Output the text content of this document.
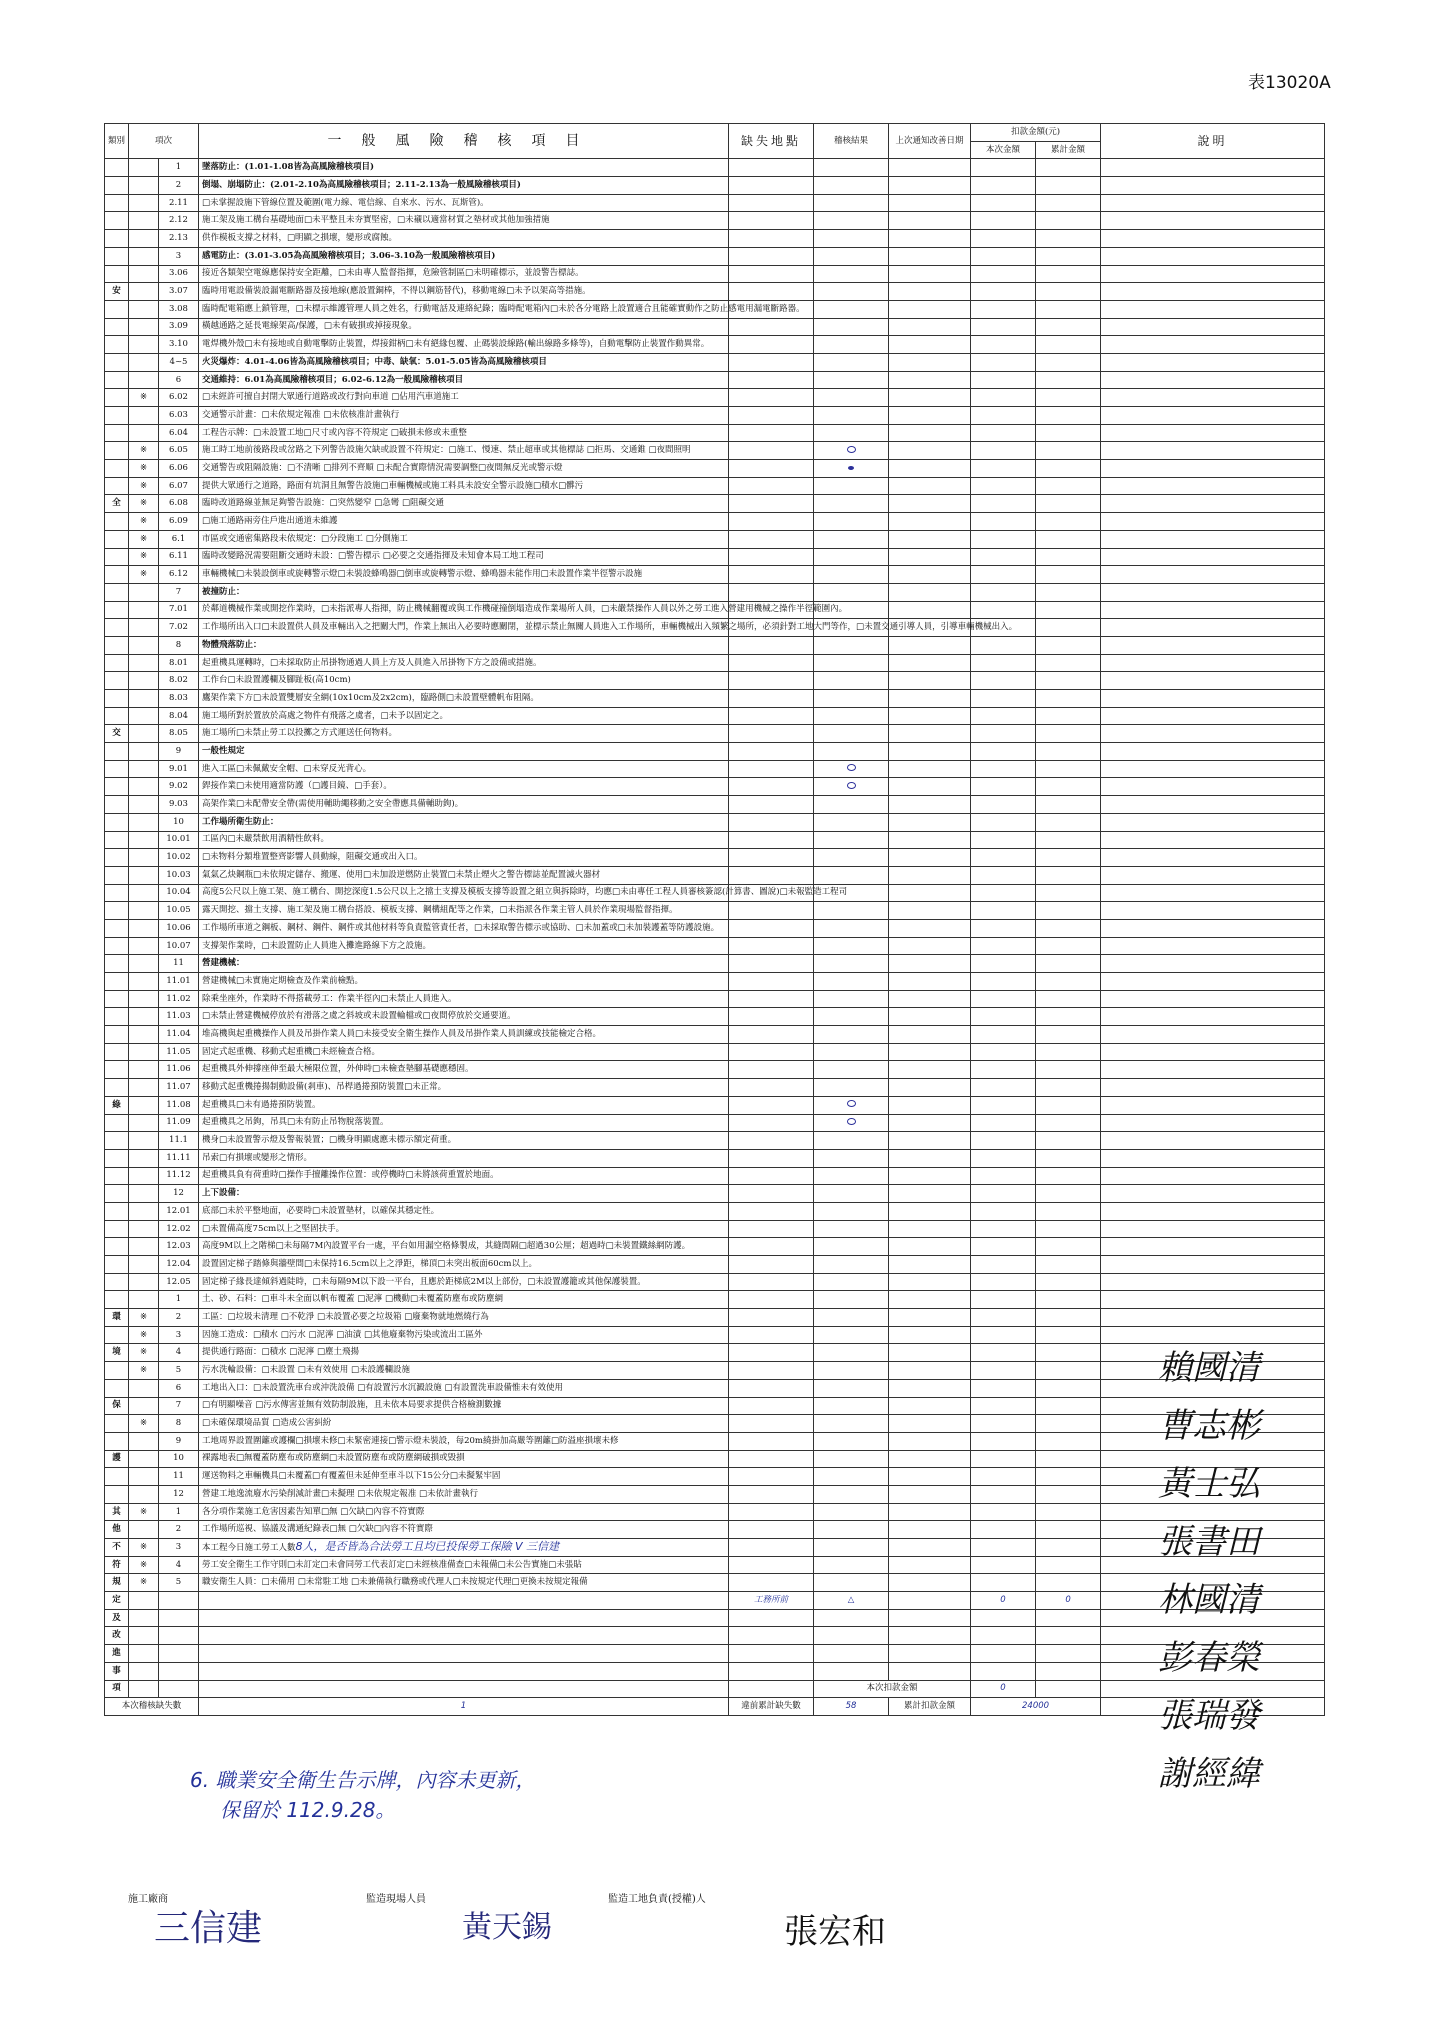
表13020A
類別	項次		一般風險稽核項目	缺失地點	稽核結果	上次通知改善日期	扣款金額(元)		說明
							本次金額	累計金額	
		1	墜落防止：(1.01-1.08皆為高風險稽核項目)						
		2	倒塌、崩塌防止：(2.01-2.10為高風險稽核項目；2.11-2.13為一般風險稽核項目)						
		2.11	□未掌握設施下管線位置及範圍(電力線、電信線、自來水、污水、瓦斯管)。						
		2.12	施工架及施工構台基礎地面□未平整且未夯實堅密，□未襯以適當材質之墊材或其他加強措施						
		2.13	供作模板支撐之材料，□明顯之損壞，變形或腐蝕。						
		3	感電防止：(3.01-3.05為高風險稽核項目；3.06-3.10為一般風險稽核項目)						
		3.06	接近各類架空電線應保持安全距離，□未由專人監督指揮，危險管制區□未明確標示，並設警告標誌。						
安		3.07	臨時用電設備裝設漏電斷路器及接地線(應設置銅棒，不得以鋼筋替代)，移動電線□未予以架高等措施。						
		3.08	臨時配電箱應上鎖管理，□未標示維護管理人員之姓名，行動電話及連絡紀錄；臨時配電箱內□未於各分電路上設置適合且能確實動作之防止感電用漏電斷路器。						
		3.09	橫越通路之延長電線架高/保護，□未有破損或掉接現象。						
		3.10	電焊機外殼□未有接地或自動電擊防止裝置，焊接鉗柄□未有絕緣包覆、止碼裝設線路(輸出線路多條等)，自動電擊防止裝置作動異常。						
		4~5	火災爆炸：4.01-4.06皆為高風險稽核項目；中毒、缺氧：5.01-5.05皆為高風險稽核項目						
		6	交通維持：6.01為高風險稽核項目；6.02-6.12為一般風險稽核項目						
	※	6.02	□未經許可擅自封閉大眾通行道路或改行對向車道 □佔用汽車道施工						
		6.03	交通警示計畫：□未依規定報准 □未依核准計畫執行						
		6.04	工程告示牌：□未設置工地□尺寸或內容不符規定 □破損未修或未重整						
	※	6.05	施工時工地前後路段或岔路之下列警告設施欠缺或設置不符規定：□施工、慢速、禁止超車或其他標誌 □拒馬、交通錐 □夜間照明						
	※	6.06	交通警告或阻隔設施：□不清晰 □排列不齊順 □未配合實際情況需要調整□夜間無反光或警示燈						
	※	6.07	提供大眾通行之道路，路面有坑洞且無警告設施□車輛機械或施工料具未設安全警示設施□積水□髒污						
全	※	6.08	臨時改道路線並無足夠警告設施：□突然變窄 □急彎 □阻礙交通						
	※	6.09	□施工通路兩旁住戶進出通道未維護						
	※	6.1	市區或交通密集路段未依規定：□分段施工 □分側施工						
	※	6.11	臨時改變路況需要阻斷交通時未設：□警告標示 □必要之交通指揮及未知會本局工地工程司						
	※	6.12	車輛機械□未裝設倒車或旋轉警示燈□未裝設蜂鳴器□倒車或旋轉警示燈、蜂鳴器未能作用□未設置作業半徑警示設施						
		7	被撞防止：						
		7.01	於鄰道機械作業或開挖作業時，□未指派專人指揮，防止機械翻覆或與工作機碰撞倒塌造成作業場所人員，□未嚴禁操作人員以外之勞工進入營建用機械之操作半徑範圍內。						
		7.02	工作場所出入口□未設置供人員及車輛出入之把關大門，作業上無出入必要時應關閉，並標示禁止無關人員進入工作場所，車輛機械出入頻繁之場所，必須針對工地大門等作，□未置交通引導人員，引導車輛機械出入。						
		8	物體飛落防止：						
		8.01	起重機具運轉時，□未採取防止吊掛物通過人員上方及人員進入吊掛物下方之設備或措施。						
		8.02	工作台□未設置護欄及腳趾板(高10cm)						
		8.03	鷹架作業下方□未設置雙層安全網(10x10cm及2x2cm)，臨路側□未設置壁體帆布阻隔。						
		8.04	施工場所對於置放於高處之物件有飛落之虞者，□未予以固定之。						
交		8.05	施工場所□未禁止勞工以投擲之方式運送任何物料。						
		9	一般性規定						
		9.01	進入工區□未佩戴安全帽、□未穿反光背心。						
		9.02	銲接作業□未使用適當防護（□護目鏡、□手套）。						
		9.03	高架作業□未配帶安全帶(需使用輔助繩移動之安全帶應具備輔助鉤)。						
		10	工作場所衛生防止：						
		10.01	工區內□未嚴禁飲用酒精性飲料。						
		10.02	□未物料分類堆置整齊影響人員動線，阻礙交通或出入口。						
		10.03	氣氣乙炔鋼瓶□未依規定儲存、搬運、使用□未加設逆燃防止裝置□未禁止煙火之警告標誌並配置滅火器材						
		10.04	高度5公尺以上施工架、施工構台、開挖深度1.5公尺以上之擋土支撐及模板支撐等設置之組立與拆除時，均應□未由專任工程人員審核簽認(計算書、圖說)□未報監造工程司						
		10.05	露天開挖、擋土支撐、施工架及施工構台搭設、模板支撐、鋼構組配等之作業，□未指派各作業主管人員於作業現場監督指揮。						
		10.06	工作場所車道之鋼板、鋼材、鋼件、鋼件或其他材料等負責監管責任者，□未採取警告標示或協助、□未加蓋或□未加裝護蓋等防護設施。						
		10.07	支撐架作業時，□未設置防止人員進入攤進路線下方之設施。						
		11	營建機械：						
		11.01	營建機械□未實施定期檢查及作業前檢點。						
		11.02	除乘坐座外，作業時不得搭載勞工：作業半徑內□未禁止人員進入。						
		11.03	□未禁止營建機械停放於有滑落之虞之斜坡或未設置輪檔或□夜間停放於交通要道。						
		11.04	堆高機與起重機操作人員及吊掛作業人員□未接受安全衛生操作人員及吊掛作業人員訓練或技能檢定合格。						
		11.05	固定式起重機、移動式起重機□未經檢查合格。						
		11.06	起重機具外伸撐座伸至最大極限位置，外伸時□未檢查墊腳基礎應穩固。						
		11.07	移動式起重機捲揚制動設備(剎車)、吊桿過捲預防裝置□未正常。						
綠		11.08	起重機具□未有過捲預防裝置。						
		11.09	起重機具之吊鉤，吊具□未有防止吊物脫落裝置。						
		11.1	機身□未設置警示燈及警報裝置；□機身明顯處應未標示額定荷重。						
		11.11	吊索□有損壞或變形之情形。						
		11.12	起重機具負有荷重時□操作手擅離操作位置：或停機時□未將該荷重置於地面。						
		12	上下設備：						
		12.01	底部□未於平整地面，必要時□未設置墊材，以確保其穩定性。						
		12.02	□未置備高度75cm以上之堅固扶手。						
		12.03	高度9M以上之階梯□未每隔7M內設置平台一處，平台如用漏空格條製成，其縫間隔□超過30公厘；超過時□未裝置鐵絲網防護。						
		12.04	設置固定梯子踏條與牆壁間□未保持16.5cm以上之淨距，梯頂□未突出板面60cm以上。						
		12.05	固定梯子緣長達傾斜過陡時，□未每隔9M以下設一平台，且應於距梯底2M以上部份，□未設置護籠或其他保護裝置。						
		1	土、砂、石料：□車斗未全面以帆布覆蓋 □泥濘 □機動□未覆蓋防塵布或防塵網						
環	※	2	工區：□垃圾未清理 □不乾淨 □未設置必要之垃圾箱 □廢棄物就地燃燒行為						
	※	3	因施工造成：□積水 □污水 □泥濘 □油漬 □其他廢棄物污染或流出工區外						
境	※	4	提供通行路面：□積水 □泥濘 □塵土飛揚						
	※	5	污水洗輪設備：□未設置 □未有效使用 □未設護欄設施						
		6	工地出入口：□未設置洗車台或沖洗設備 □有設置污水沉澱設施 □有設置洗車設備惟未有效使用						
保		7	□有明顯噪音 □污水傳害並無有效防制設施，且未依本局要求提供合格檢測數據						
	※	8	□未確保環境品質 □造成公害糾紛						
		9	工地周界設置圍籬或護欄□損壞未修□未緊密連接□警示燈未裝設，每20m繞掛加高嚴等圍籬□防溢座損壞未修						
護		10	裸露地表□無覆蓋防塵布或防塵網□未設置防塵布或防塵網破損或毀損						
		11	運送物料之車輛機具□未覆蓋□有覆蓋但未延伸至車斗以下15公分□未擬緊牢固						
		12	營建工地逸流廢水污染削減計畫□未擬理 □未依規定報准 □未依計畫執行						
其	※	1	各分項作業施工危害因素告知單□無 □欠缺□內容不符實際						
他		2	工作場所巡視、協議及溝通紀錄表□無 □欠缺□內容不符實際						
不	※	3	本工程今日施工勞工人數8人，是否皆為合法勞工且均已投保勞工保險 V 三信建						
符	※	4	勞工安全衛生工作守則□未訂定□未會同勞工代表訂定□未經核准備查□未報備□未公告實施□未張貼						
規	※	5	職安衛生人員：□未備用 □未常駐工地 □未兼備執行職務或代理人□未按規定代理□更換未按規定報備						
定				工務所前	△		0	0	
及									
改									
進									
事									
項					本次扣款金額		0		
本次稽核缺失數			1	違前累計缺失數	58	累計扣款金額	24000		
6. 職業安全衛生告示牌，內容未更新，
保留於 112.9.28。
賴國清
曹志彬
黃士弘
張書田
林國清
彭春榮
張瑞發
謝經緯
施工廠商	監造現場人員	監造工地負責(授權)人
三信建	黃天錫	張宏和
